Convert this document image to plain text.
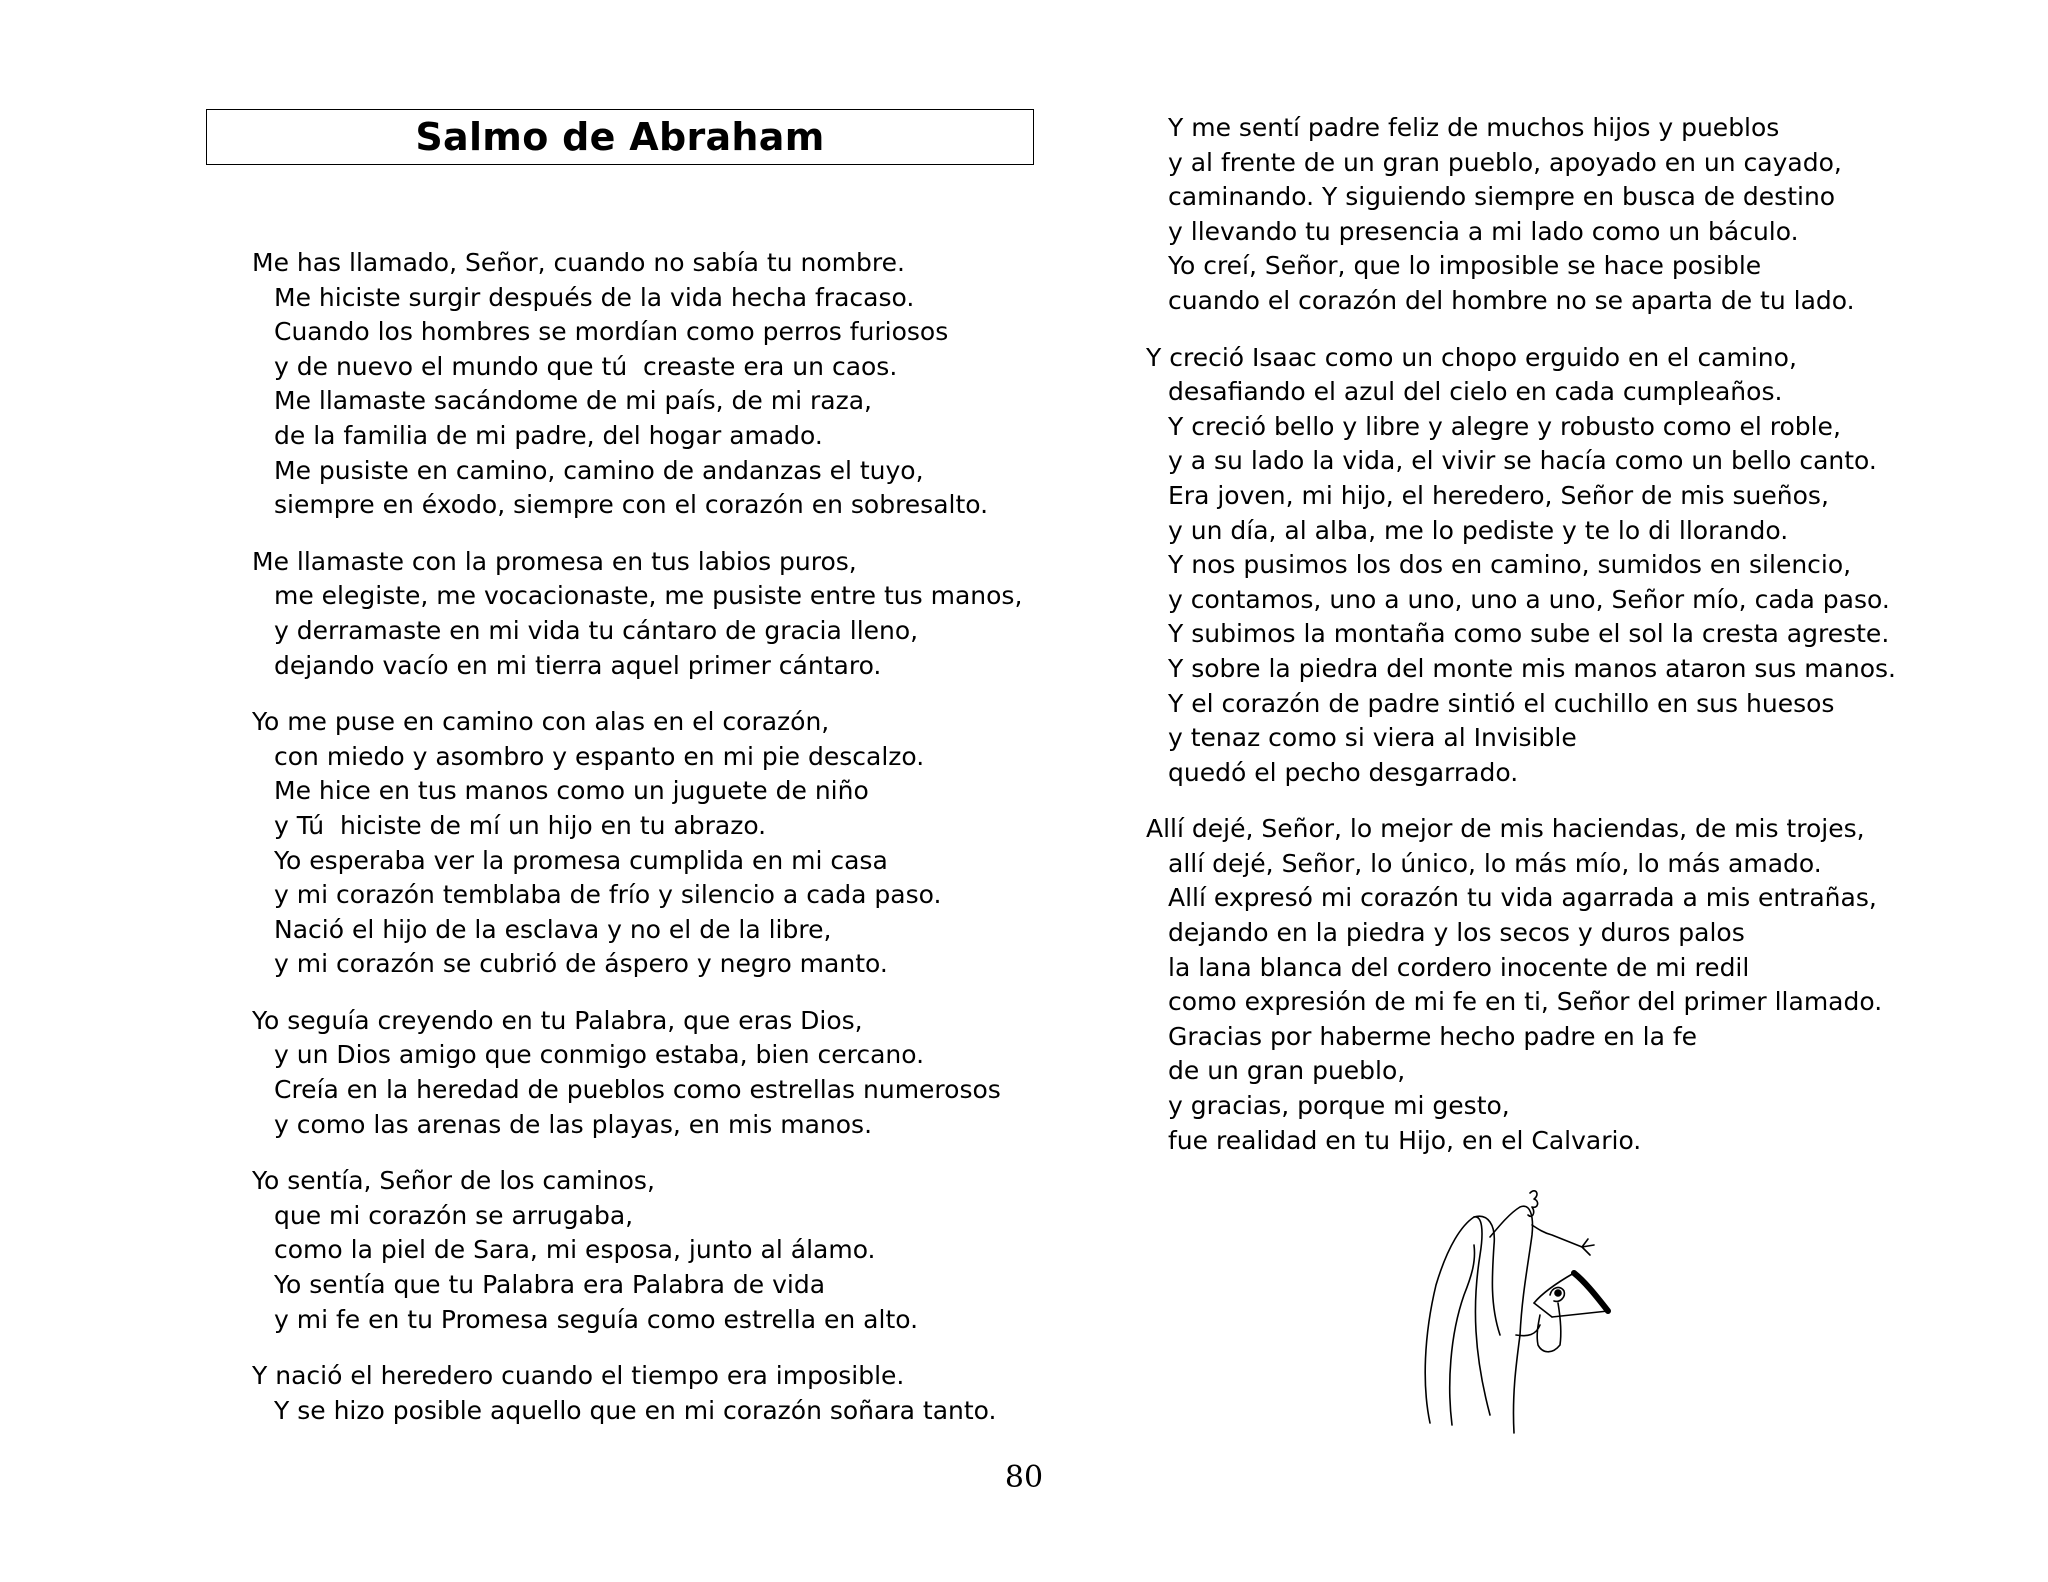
Salmo de Abraham
Me has llamado, Señor, cuando no sabía tu nombre.
Me hiciste surgir después de la vida hecha fracaso.
Cuando los hombres se mordían como perros furiosos
y de nuevo el mundo que tú  creaste era un caos.
Me llamaste sacándome de mi país, de mi raza,
de la familia de mi padre, del hogar amado.
Me pusiste en camino, camino de andanzas el tuyo,
siempre en éxodo, siempre con el corazón en sobresalto.
Me llamaste con la promesa en tus labios puros,
me elegiste, me vocacionaste, me pusiste entre tus manos,
y derramaste en mi vida tu cántaro de gracia lleno,
dejando vacío en mi tierra aquel primer cántaro.
Yo me puse en camino con alas en el corazón,
con miedo y asombro y espanto en mi pie descalzo.
Me hice en tus manos como un juguete de niño
y Tú  hiciste de mí un hijo en tu abrazo.
Yo esperaba ver la promesa cumplida en mi casa
y mi corazón temblaba de frío y silencio a cada paso.
Nació el hijo de la esclava y no el de la libre,
y mi corazón se cubrió de áspero y negro manto.
Yo seguía creyendo en tu Palabra, que eras Dios,
y un Dios amigo que conmigo estaba, bien cercano.
Creía en la heredad de pueblos como estrellas numerosos
y como las arenas de las playas, en mis manos.
Yo sentía, Señor de los caminos,
que mi corazón se arrugaba,
como la piel de Sara, mi esposa, junto al álamo.
Yo sentía que tu Palabra era Palabra de vida
y mi fe en tu Promesa seguía como estrella en alto.
Y nació el heredero cuando el tiempo era imposible.
Y se hizo posible aquello que en mi corazón soñara tanto.
Y me sentí padre feliz de muchos hijos y pueblos
y al frente de un gran pueblo, apoyado en un cayado,
caminando. Y siguiendo siempre en busca de destino
y llevando tu presencia a mi lado como un báculo.
Yo creí, Señor, que lo imposible se hace posible
cuando el corazón del hombre no se aparta de tu lado.
Y creció Isaac como un chopo erguido en el camino,
desafiando el azul del cielo en cada cumpleaños.
Y creció bello y libre y alegre y robusto como el roble,
y a su lado la vida, el vivir se hacía como un bello canto.
Era joven, mi hijo, el heredero, Señor de mis sueños,
y un día, al alba, me lo pediste y te lo di llorando.
Y nos pusimos los dos en camino, sumidos en silencio,
y contamos, uno a uno, uno a uno, Señor mío, cada paso.
Y subimos la montaña como sube el sol la cresta agreste.
Y sobre la piedra del monte mis manos ataron sus manos.
Y el corazón de padre sintió el cuchillo en sus huesos
y tenaz como si viera al Invisible
quedó el pecho desgarrado.
Allí dejé, Señor, lo mejor de mis haciendas, de mis trojes,
allí dejé, Señor, lo único, lo más mío, lo más amado.
Allí expresó mi corazón tu vida agarrada a mis entrañas,
dejando en la piedra y los secos y duros palos
la lana blanca del cordero inocente de mi redil
como expresión de mi fe en ti, Señor del primer llamado.
Gracias por haberme hecho padre en la fe
de un gran pueblo,
y gracias, porque mi gesto,
fue realidad en tu Hijo, en el Calvario.
80
